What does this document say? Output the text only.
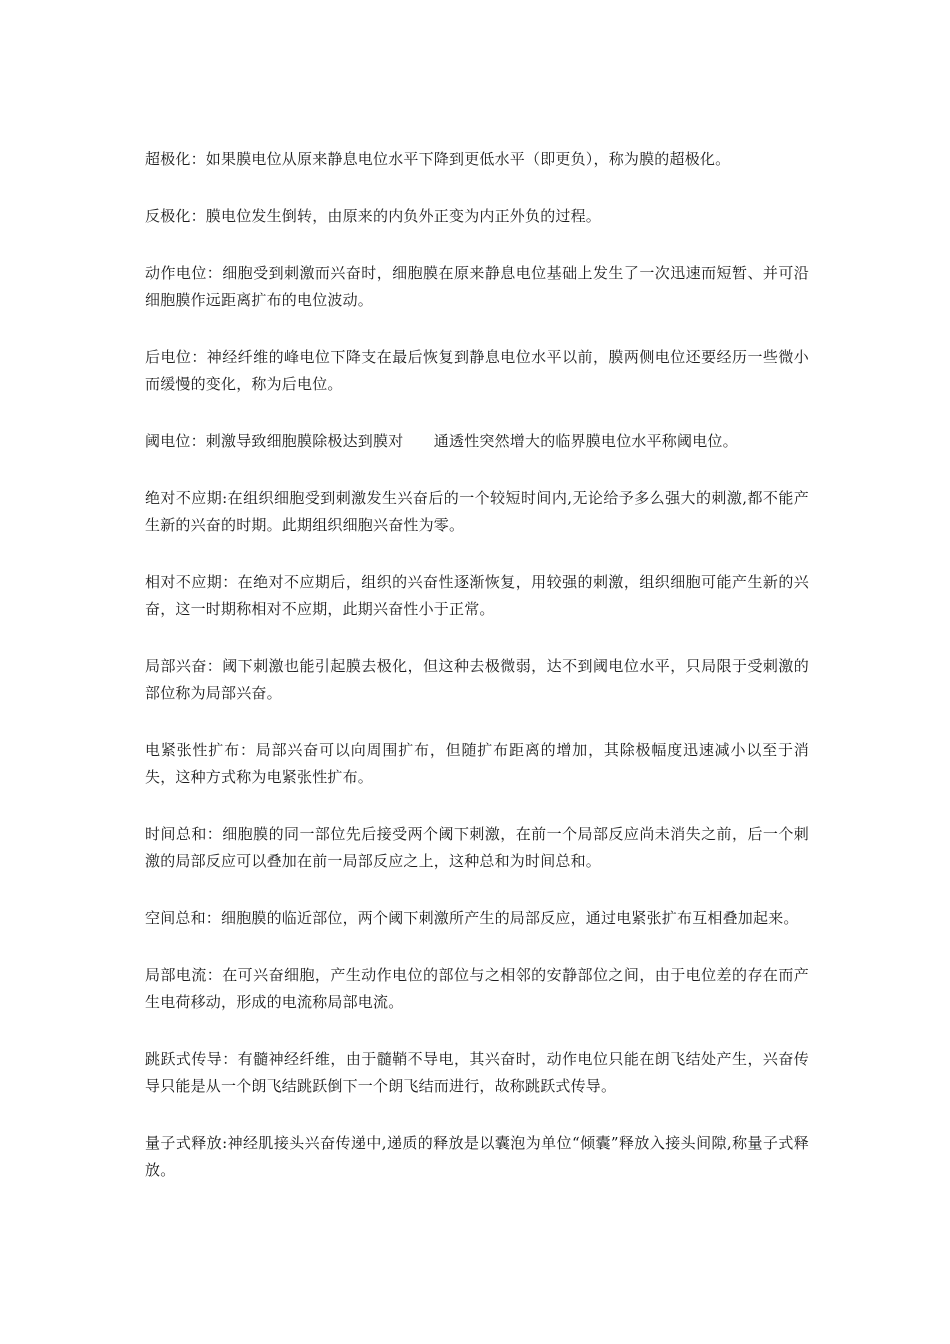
超极化：如果膜电位从原来静息电位水平下降到更低水平（即更负），称为膜的超极化。

反极化：膜电位发生倒转，由原来的内负外正变为内正外负的过程。

动作电位：细胞受到刺激而兴奋时，细胞膜在原来静息电位基础上发生了一次迅速而短暂、并可沿细胞膜作远距离扩布的电位波动。

后电位：神经纤维的峰电位下降支在最后恢复到静息电位水平以前，膜两侧电位还要经历一些微小而缓慢的变化，称为后电位。

阈电位：刺激导致细胞膜除极达到膜对　　通透性突然增大的临界膜电位水平称阈电位。

绝对不应期:在组织细胞受到刺激发生兴奋后的一个较短时间内,无论给予多么强大的刺激,都不能产生新的兴奋的时期。此期组织细胞兴奋性为零。

相对不应期：在绝对不应期后，组织的兴奋性逐渐恢复，用较强的刺激，组织细胞可能产生新的兴奋，这一时期称相对不应期，此期兴奋性小于正常。

局部兴奋：阈下刺激也能引起膜去极化，但这种去极微弱，达不到阈电位水平，只局限于受刺激的部位称为局部兴奋。

电紧张性扩布：局部兴奋可以向周围扩布，但随扩布距离的增加，其除极幅度迅速减小以至于消失，这种方式称为电紧张性扩布。

时间总和：细胞膜的同一部位先后接受两个阈下刺激，在前一个局部反应尚未消失之前，后一个刺激的局部反应可以叠加在前一局部反应之上，这种总和为时间总和。

空间总和：细胞膜的临近部位，两个阈下刺激所产生的局部反应，通过电紧张扩布互相叠加起来。

局部电流：在可兴奋细胞，产生动作电位的部位与之相邻的安静部位之间，由于电位差的存在而产生电荷移动，形成的电流称局部电流。

跳跃式传导：有髓神经纤维，由于髓鞘不导电，其兴奋时，动作电位只能在朗飞结处产生，兴奋传导只能是从一个朗飞结跳跃倒下一个朗飞结而进行，故称跳跃式传导。

量子式释放:神经肌接头兴奋传递中,递质的释放是以囊泡为单位“倾囊”释放入接头间隙,称量子式释放。
